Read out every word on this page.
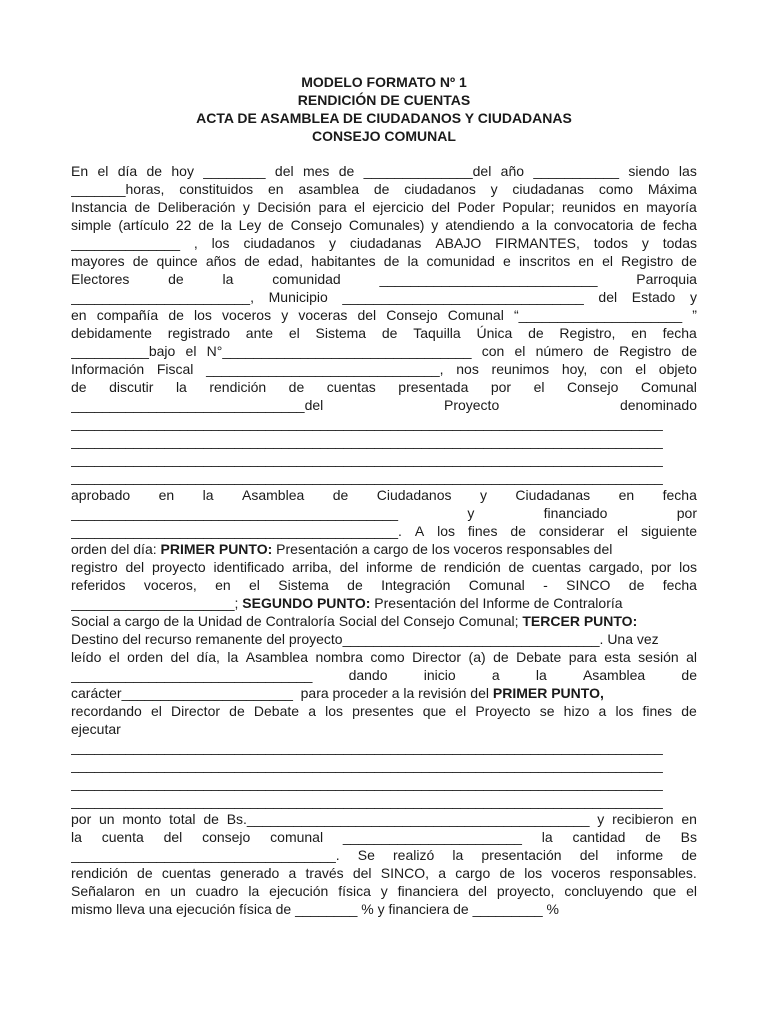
MODELO FORMATO Nº 1
RENDICIÓN DE CUENTAS
ACTA DE ASAMBLEA DE CIUDADANOS Y CIUDADANAS
CONSEJO COMUNAL
En el día de hoy ________ del mes de ______________del año ___________ siendo las
_______horas, constituidos en asamblea de ciudadanos y ciudadanas como Máxima
Instancia de Deliberación y Decisión para el ejercicio del Poder Popular; reunidos en mayoría
simple (artículo 22 de la Ley de Consejo Comunales) y atendiendo a la convocatoria de fecha
______________ , los ciudadanos y ciudadanas ABAJO FIRMANTES, todos y todas
mayores de quince años de edad, habitantes de la comunidad e inscritos en el Registro de
Electores	de	la	comunidad	____________________________	Parroquia
_______________________, Municipio _______________________________ del Estado y
en compañía de los voceros y voceras del Consejo Comunal “_____________________ ”
debidamente registrado ante el Sistema de Taquilla Única de Registro, en fecha
__________bajo el N°________________________________ con el número de Registro de
Información Fiscal ______________________________, nos reunimos hoy, con el objeto
de discutir la rendición de cuentas presentada por el Consejo Comunal
______________________________del	Proyecto	denominado
____________________________________________________________________________
____________________________________________________________________________
____________________________________________________________________________
____________________________________________________________________________
aprobado en la Asamblea de Ciudadanos y Ciudadanas en fecha
__________________________________________	y	financiado	por
__________________________________________. A los fines de considerar el siguiente
orden del día: PRIMER PUNTO: Presentación a cargo de los voceros responsables del
registro del proyecto identificado arriba, del informe de rendición de cuentas cargado, por los
referidos voceros, en el Sistema de Integración Comunal - SINCO de fecha
_____________________; SEGUNDO PUNTO: Presentación del Informe de Contraloría
Social a cargo de la Unidad de Contraloría Social del Consejo Comunal; TERCER PUNTO:
Destino del recurso remanente del proyecto_________________________________. Una vez
leído el orden del día, la Asamblea nombra como Director (a) de Debate para esta sesión al
_______________________________	dando	inicio	a	la	Asamblea	de
carácter______________________  para proceder a la revisión del PRIMER PUNTO,
recordando el Director de Debate a los presentes que el Proyecto se hizo a los fines de
ejecutar
____________________________________________________________________________
____________________________________________________________________________
____________________________________________________________________________
____________________________________________________________________________
por un monto total de Bs.____________________________________________ y recibieron en
la cuenta del consejo comunal _______________________ la cantidad de Bs
__________________________________. Se realizó la presentación del informe de
rendición de cuentas generado a través del SINCO, a cargo de los voceros responsables.
Señalaron en un cuadro la ejecución física y financiera del proyecto, concluyendo que el
mismo lleva una ejecución física de ________ % y financiera de _________ %
